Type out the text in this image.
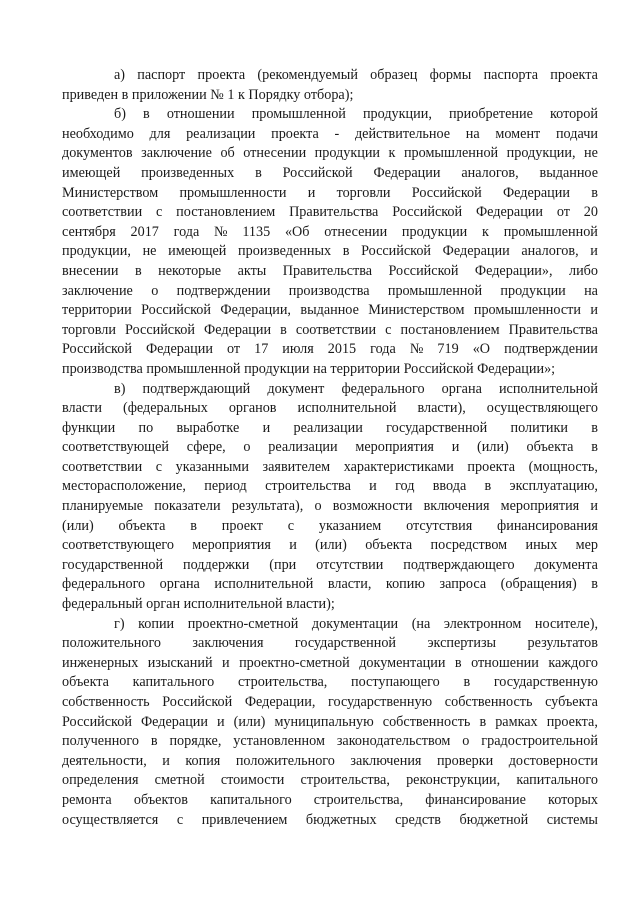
а) паспорт проекта (рекомендуемый образец формы паспорта проекта
приведен в приложении № 1 к Порядку отбора);
б) в отношении промышленной продукции, приобретение которой
необходимо для реализации проекта - действительное на момент подачи
документов заключение об отнесении продукции к промышленной продукции, не
имеющей произведенных в Российской Федерации аналогов, выданное
Министерством промышленности и торговли Российской Федерации в
соответствии с постановлением Правительства Российской Федерации от 20
сентября 2017 года № 1135 «Об отнесении продукции к промышленной
продукции, не имеющей произведенных в Российской Федерации аналогов, и
внесении в некоторые акты Правительства Российской Федерации», либо
заключение о подтверждении производства промышленной продукции на
территории Российской Федерации, выданное Министерством промышленности и
торговли Российской Федерации в соответствии с постановлением Правительства
Российской Федерации от 17 июля 2015 года № 719 «О подтверждении
производства промышленной продукции на территории Российской Федерации»;
в) подтверждающий документ федерального органа исполнительной
власти (федеральных органов исполнительной власти), осуществляющего
функции по выработке и реализации государственной политики в
соответствующей сфере, о реализации мероприятия и (или) объекта в
соответствии с указанными заявителем характеристиками проекта (мощность,
месторасположение, период строительства и год ввода в эксплуатацию,
планируемые показатели результата), о возможности включения мероприятия и
(или) объекта в проект с указанием отсутствия финансирования
соответствующего мероприятия и (или) объекта посредством иных мер
государственной поддержки (при отсутствии подтверждающего документа
федерального органа исполнительной власти, копию запроса (обращения) в
федеральный орган исполнительной власти);
г) копии проектно-сметной документации (на электронном носителе),
положительного заключения государственной экспертизы результатов
инженерных изысканий и проектно-сметной документации в отношении каждого
объекта капитального строительства, поступающего в государственную
собственность Российской Федерации, государственную собственность субъекта
Российской Федерации и (или) муниципальную собственность в рамках проекта,
полученного в порядке, установленном законодательством о градостроительной
деятельности, и копия положительного заключения проверки достоверности
определения сметной стоимости строительства, реконструкции, капитального
ремонта объектов капитального строительства, финансирование которых
осуществляется с привлечением бюджетных средств бюджетной системы
